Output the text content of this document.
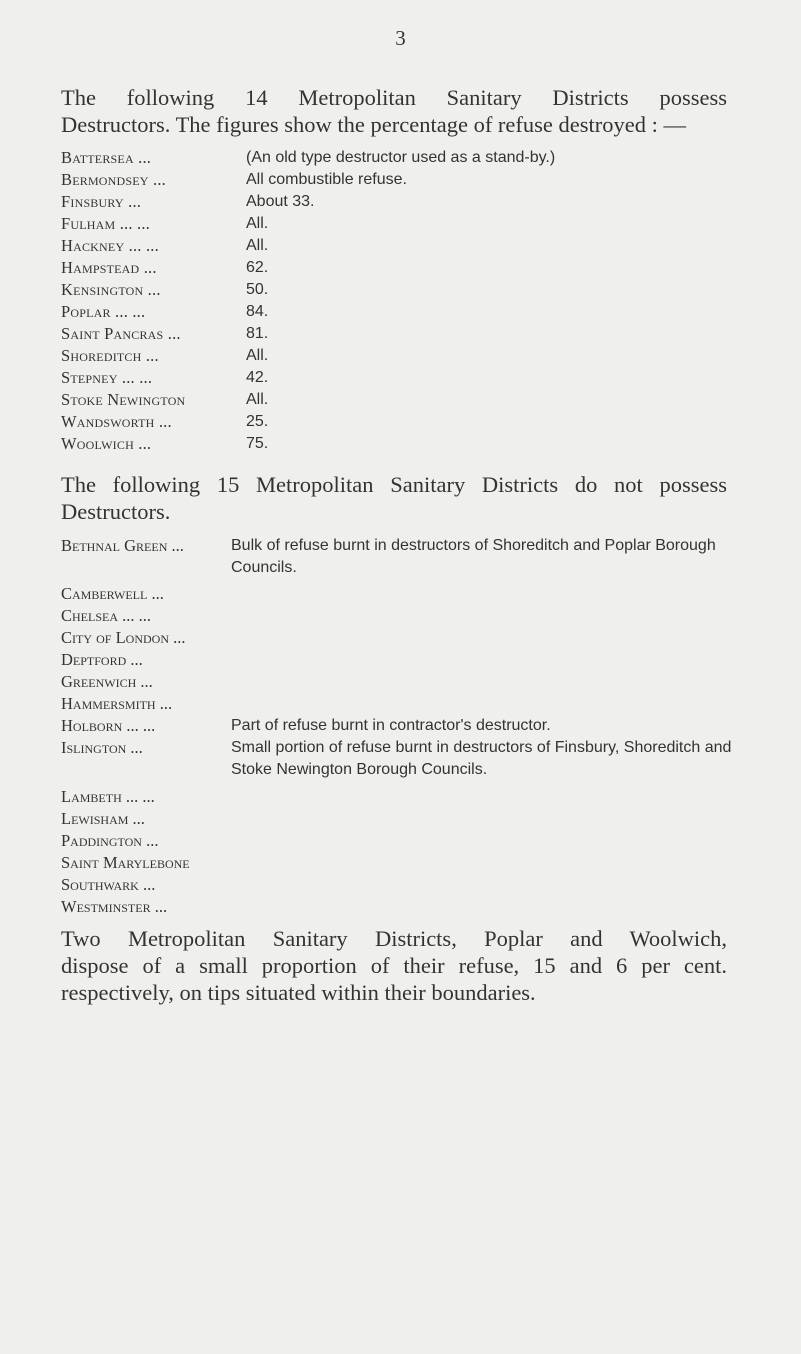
3
The following 14 Metropolitan Sanitary Districts possess
Destructors. The figures show the percentage of refuse destroyed : —
Battersea ...	(An old type destructor used as a stand-by.)
Bermondsey ...	All combustible refuse.
Finsbury ...	About 33.
Fulham ... ...	All.
Hackney ... ...	All.
Hampstead ...	62.
Kensington ...	50.
Poplar ... ...	84.
Saint Pancras ...	81.
Shoreditch ...	All.
Stepney ... ...	42.
Stoke Newington	All.
Wandsworth ...	25.
Woolwich ...	75.
The following 15 Metropolitan Sanitary Districts do not possess
Destructors.
Bethnal Green ...	Bulk of refuse burnt in destructors of Shoreditch and Poplar Borough Councils.
Camberwell ...
Chelsea ... ...
City of London ...
Deptford ...
Greenwich ...
Hammersmith ...
Holborn ... ...	Part of refuse burnt in contractor's destructor.
Islington ...	Small portion of refuse burnt in destructors of Finsbury, Shoreditch and Stoke Newington Borough Councils.
Lambeth ... ...
Lewisham ...
Paddington ...
Saint Marylebone
Southwark ...
Westminster ...
Two Metropolitan Sanitary Districts, Poplar and Woolwich,
dispose of a small proportion of their refuse, 15 and 6 per cent.
respectively, on tips situated within their boundaries.
